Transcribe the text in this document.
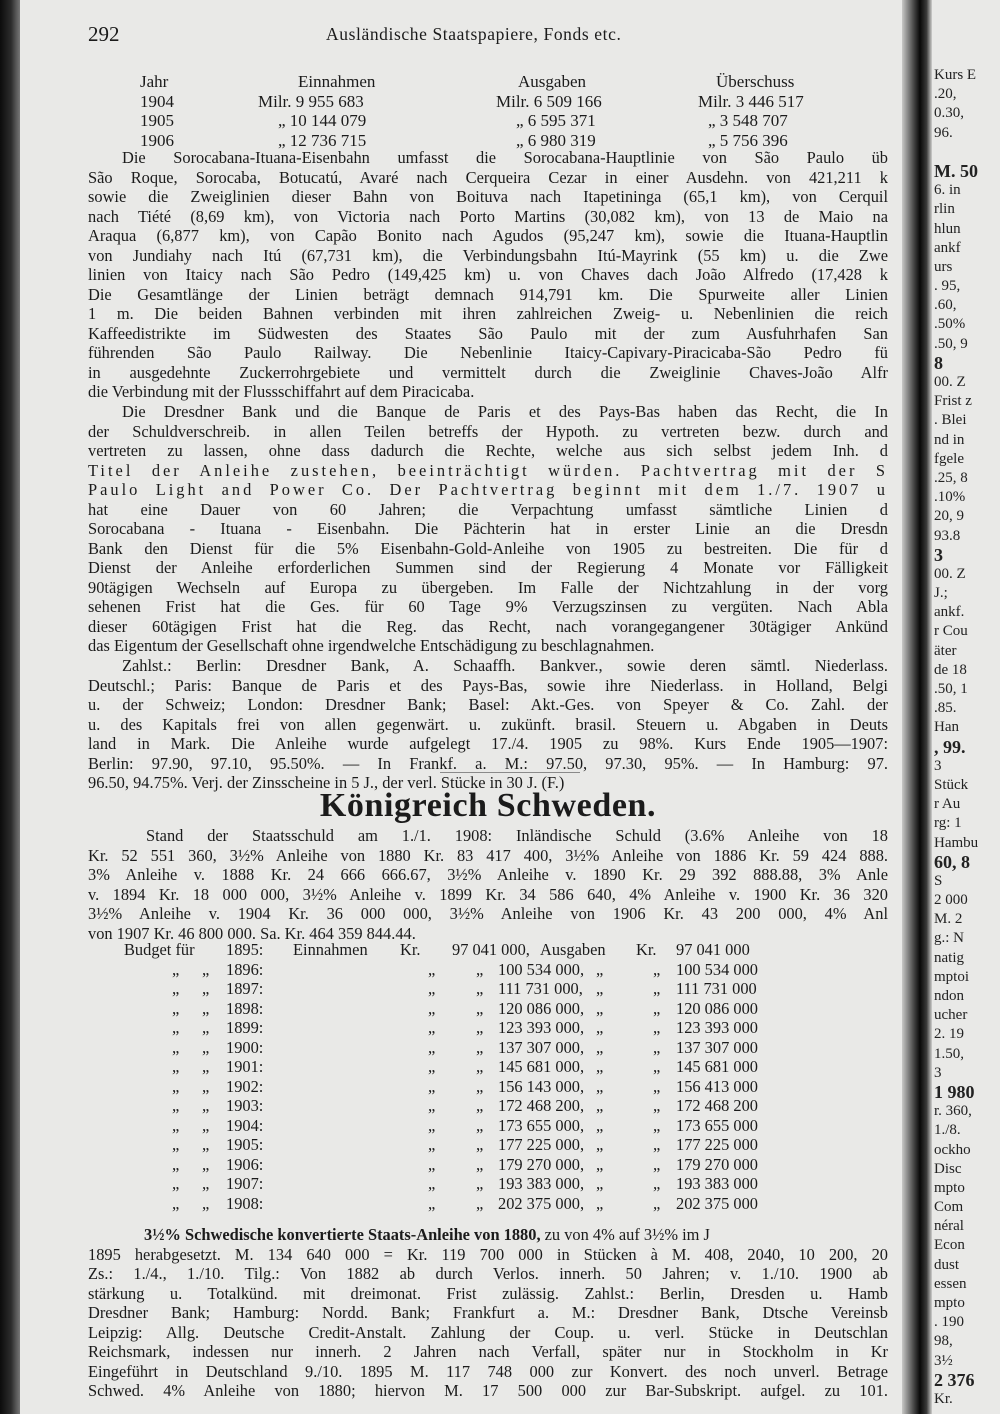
292	Ausländische Staatspapiere, Fonds etc.
Jahr	Einnahmen	Ausgaben	Überschuss
1904	Milr. 9 955 683	Milr. 6 509 166	Milr. 3 446 517
1905	„ 10 144 079	„ 6 595 371	„ 3 548 707
1906	„ 12 736 715	„ 6 980 319	„ 5 756 396
Die Sorocabana-Ituana-Eisenbahn umfasst die Sorocabana-Hauptlinie von São Paulo üb
São Roque, Sorocaba, Botucatú, Avaré nach Cerqueira Cezar in einer Ausdehn. von 421,211 k
sowie die Zweiglinien dieser Bahn von Boituva nach Itapetininga (65,1 km), von Cerquil
nach Tiété (8,69 km), von Victoria nach Porto Martins (30,082 km), von 13 de Maio na
Araqua (6,877 km), von Capão Bonito nach Agudos (95,247 km), sowie die Ituana-Hauptlin
von Jundiahy nach Itú (67,731 km), die Verbindungsbahn Itú-Mayrink (55 km) u. die Zwe
linien von Itaicy nach São Pedro (149,425 km) u. von Chaves dach João Alfredo (17,428 k
Die Gesamtlänge der Linien beträgt demnach 914,791 km. Die Spurweite aller Linien
1 m. Die beiden Bahnen verbinden mit ihren zahlreichen Zweig- u. Nebenlinien die reich
Kaffeedistrikte im Südwesten des Staates São Paulo mit der zum Ausfuhrhafen San
führenden São Paulo Railway. Die Nebenlinie Itaicy-Capivary-Piracicaba-São Pedro fü
in ausgedehnte Zuckerrohrgebiete und vermittelt durch die Zweiglinie Chaves-João Alfr
die Verbindung mit der Flussschiffahrt auf dem Piracicaba.
Die Dresdner Bank und die Banque de Paris et des Pays-Bas haben das Recht, die In
der Schuldverschreib. in allen Teilen betreffs der Hypoth. zu vertreten bezw. durch and
vertreten zu lassen, ohne dass dadurch die Rechte, welche aus sich selbst jedem Inh. d
Titel der Anleihe zustehen, beeinträchtigt würden. Pachtvertrag mit der S
Paulo Light and Power Co. Der Pachtvertrag beginnt mit dem 1./7. 1907 u
hat eine Dauer von 60 Jahren; die Verpachtung umfasst sämtliche Linien d
Sorocabana - Ituana - Eisenbahn. Die Pächterin hat in erster Linie an die Dresdn
Bank den Dienst für die 5% Eisenbahn-Gold-Anleihe von 1905 zu bestreiten. Die für d
Dienst der Anleihe erforderlichen Summen sind der Regierung 4 Monate vor Fälligkeit
90tägigen Wechseln auf Europa zu übergeben. Im Falle der Nichtzahlung in der vorg
sehenen Frist hat die Ges. für 60 Tage 9% Verzugszinsen zu vergüten. Nach Abla
dieser 60tägigen Frist hat die Reg. das Recht, nach vorangegangener 30tägiger Ankünd
das Eigentum der Gesellschaft ohne irgendwelche Entschädigung zu beschlagnahmen.
Zahlst.: Berlin: Dresdner Bank, A. Schaaffh. Bankver., sowie deren sämtl. Niederlass.
Deutschl.; Paris: Banque de Paris et des Pays-Bas, sowie ihre Niederlass. in Holland, Belgi
u. der Schweiz; London: Dresdner Bank; Basel: Akt.-Ges. von Speyer & Co. Zahl. der
u. des Kapitals frei von allen gegenwärt. u. zukünft. brasil. Steuern u. Abgaben in Deuts
land in Mark. Die Anleihe wurde aufgelegt 17./4. 1905 zu 98%. Kurs Ende 1905—1907:
Berlin: 97.90, 97.10, 95.50%. — In Frankf. a. M.: 97.50, 97.30, 95%. — In Hamburg: 97.
96.50, 94.75%. Verj. der Zinsscheine in 5 J., der verl. Stücke in 30 J. (F.)
Königreich Schweden.
Stand der Staatsschuld am 1./1. 1908: Inländische Schuld (3.6% Anleihe von 18
Kr. 52 551 360, 3½% Anleihe von 1880 Kr. 83 417 400, 3½% Anleihe von 1886 Kr. 59 424 888.
3% Anleihe v. 1888 Kr. 24 666 666.67, 3½% Anleihe v. 1890 Kr. 29 392 888.88, 3% Anle
v. 1894 Kr. 18 000 000, 3½% Anleihe v. 1899 Kr. 34 586 640, 4% Anleihe v. 1900 Kr. 36 320
3½% Anleihe v. 1904 Kr. 36 000 000, 3½% Anleihe von 1906 Kr. 43 200 000, 4% Anl
von 1907 Kr. 46 800 000. Sa. Kr. 464 359 844.44.
Budget für 1895: Einnahmen Kr. 97 041 000, Ausgaben Kr. 97 041 000
„ „ 1896:	„ „ 100 534 000, „	„ 100 534 000
„ „ 1897:	„ „ 111 731 000, „	„ 111 731 000
„ „ 1898:	„ „ 120 086 000, „	„ 120 086 000
„ „ 1899:	„ „ 123 393 000, „	„ 123 393 000
„ „ 1900:	„ „ 137 307 000, „	„ 137 307 000
„ „ 1901:	„ „ 145 681 000, „	„ 145 681 000
„ „ 1902:	„ „ 156 143 000, „	„ 156 413 000
„ „ 1903:	„ „ 172 468 200, „	„ 172 468 200
„ „ 1904:	„ „ 173 655 000, „	„ 173 655 000
„ „ 1905:	„ „ 177 225 000, „	„ 177 225 000
„ „ 1906:	„ „ 179 270 000, „	„ 179 270 000
„ „ 1907:	„ „ 193 383 000, „	„ 193 383 000
„ „ 1908:	„ „ 202 375 000, „	„ 202 375 000
3½% Schwedische konvertierte Staats-Anleihe von 1880, zu von 4% auf 3½% im J
1895 herabgesetzt. M. 134 640 000 = Kr. 119 700 000 in Stücken à M. 408, 2040, 10 200, 20
Zs.: 1./4., 1./10. Tilg.: Von 1882 ab durch Verlos. innerh. 50 Jahren; v. 1./10. 1900 ab
stärkung u. Totalkünd. mit dreimonat. Frist zulässig. Zahlst.: Berlin, Dresden u. Hamb
Dresdner Bank; Hamburg: Nordd. Bank; Frankfurt a. M.: Dresdner Bank, Dtsche Vereinsb
Leipzig: Allg. Deutsche Credit-Anstalt. Zahlung der Coup. u. verl. Stücke in Deutschlan
Reichsmark, indessen nur innerh. 2 Jahren nach Verfall, später nur in Stockholm in Kr
Eingeführt in Deutschland 9./10. 1895 M. 117 748 000 zur Konvert. des noch unverl. Betrage
Schwed. 4% Anleihe von 1880; hiervon M. 17 500 000 zur Bar-Subskript. aufgel. zu 101.
Kurs E
.20,
0.30,
96.
M. 50
6. in
rlin
hlun
ankf
urs
. 95,
.60,
.50%
.50, 9
8
00. Z
Frist z
. Blei
nd in
fgele
.25, 8
.10%
20, 9
93.8
3
00. Z
J.;
ankf.
r Cou
äter
de 18
.50, 1
.85.
Han
, 99.
3
Stück
r Au
rg: 1
Hambu
60, 8
S
2 000
M. 2
g.: N
natig
mptoi
ndon
ucher
2. 19
1.50,
3
1 980
r. 360,
1./8.
ockho
Disc
mpto
Com
néral
Econ
dust
essen
mpto
. 190
98,
3½
2 376
Kr.
